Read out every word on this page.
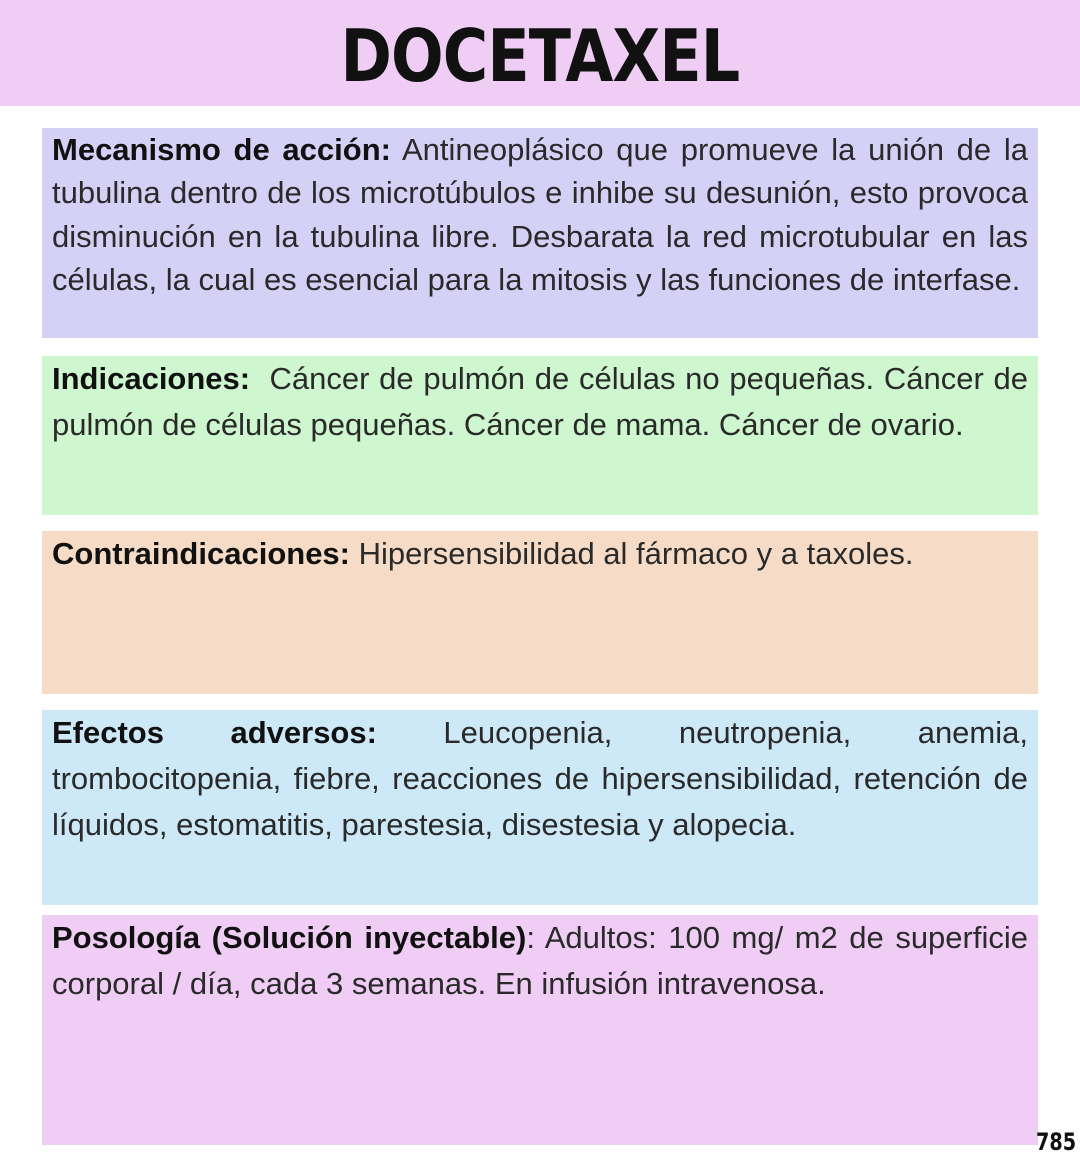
DOCETAXEL

Mecanismo de acción: Antineoplásico que promueve la unión de la tubulina dentro de los microtúbulos e inhibe su desunión, esto provoca disminución en la tubulina libre. Desbarata la red microtubular en las células, la cual es esencial para la mitosis y las funciones de interfase.

Indicaciones:  Cáncer de pulmón de células no pequeñas. Cáncer de pulmón de células pequeñas. Cáncer de mama. Cáncer de ovario.

Contraindicaciones: Hipersensibilidad al fármaco y a taxoles.

Efectos adversos: Leucopenia, neutropenia, anemia, trombocitopenia, fiebre, reacciones de hipersensibilidad, retención de líquidos, estomatitis, parestesia, disestesia y alopecia.

Posología (Solución inyectable): Adultos: 100 mg/ m2 de superficie corporal / día, cada 3 semanas. En infusión intravenosa.

785
